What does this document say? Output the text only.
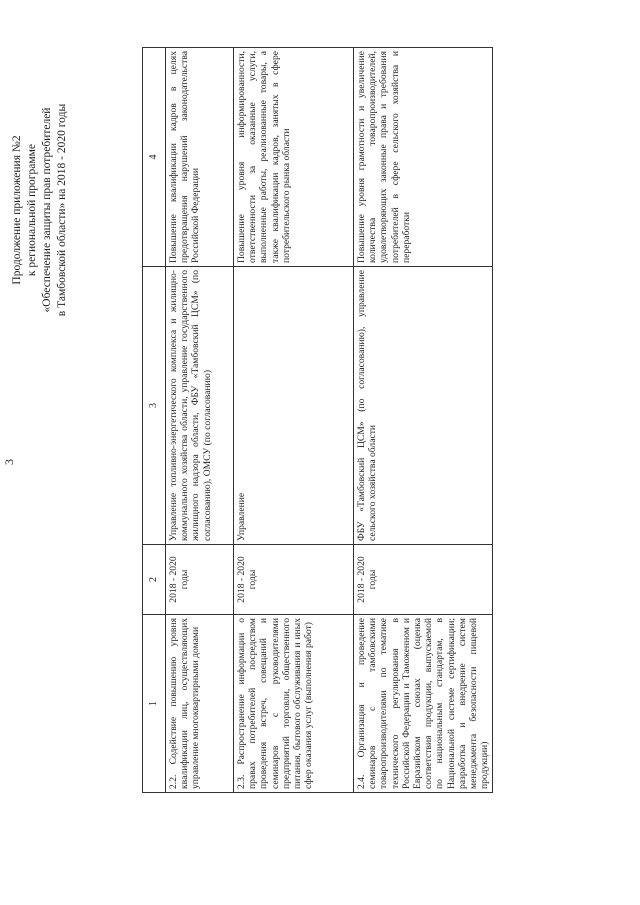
3
Продолжение приложения №2 к региональной программе «Обеспечение защиты прав потребителей в Тамбовской области» на 2018 - 2020 годы
1	2	3	4
2.2. Содействие повышению уровня квалификации лиц, осуществляющих управление многоквартирными домами	2018 - 2020 годы	Управление топливно-энергетического комплекса и жилищно-коммунального хозяйства области, управление государственного жилищного надзора области, ФБУ «Тамбовский ЦСМ» (по согласованию), ОМСУ (по согласованию)	Повышение квалификации кадров в целях предотвращения нарушений законодательства Российской Федерации
2.3. Распространение информации о правах потребителей посредством проведения встреч, совещаний и семинаров с руководителями предприятий торговли, общественного питания, бытового обслуживания и иных сфер оказания услуг (выполнения работ)	2018 - 2020 годы	Управление	Повышение уровня информированности, ответственности за оказанные услуги, выполненные работы, реализованные товары, а также квалификации кадров, занятых в сфере потребительского рынка области
2.4. Организация и проведение семинаров с тамбовскими товаропроизводителями по тематике технического регулирования в Российской Федерации и Таможенном и Евразийском союзах (оценка соответствия продукции, выпускаемой по национальным стандартам, в Национальной системе сертификации; разработка и внедрение систем менеджмента безопасности пищевой продукции)	2018 - 2020 годы	ФБУ «Тамбовский ЦСМ» (по согласованию), управление сельского хозяйства области	Повышение уровня грамотности и увеличение количества товаропроизводителей, удовлетворяющих законные права и требования потребителей в сфере сельского хозяйства и переработки
